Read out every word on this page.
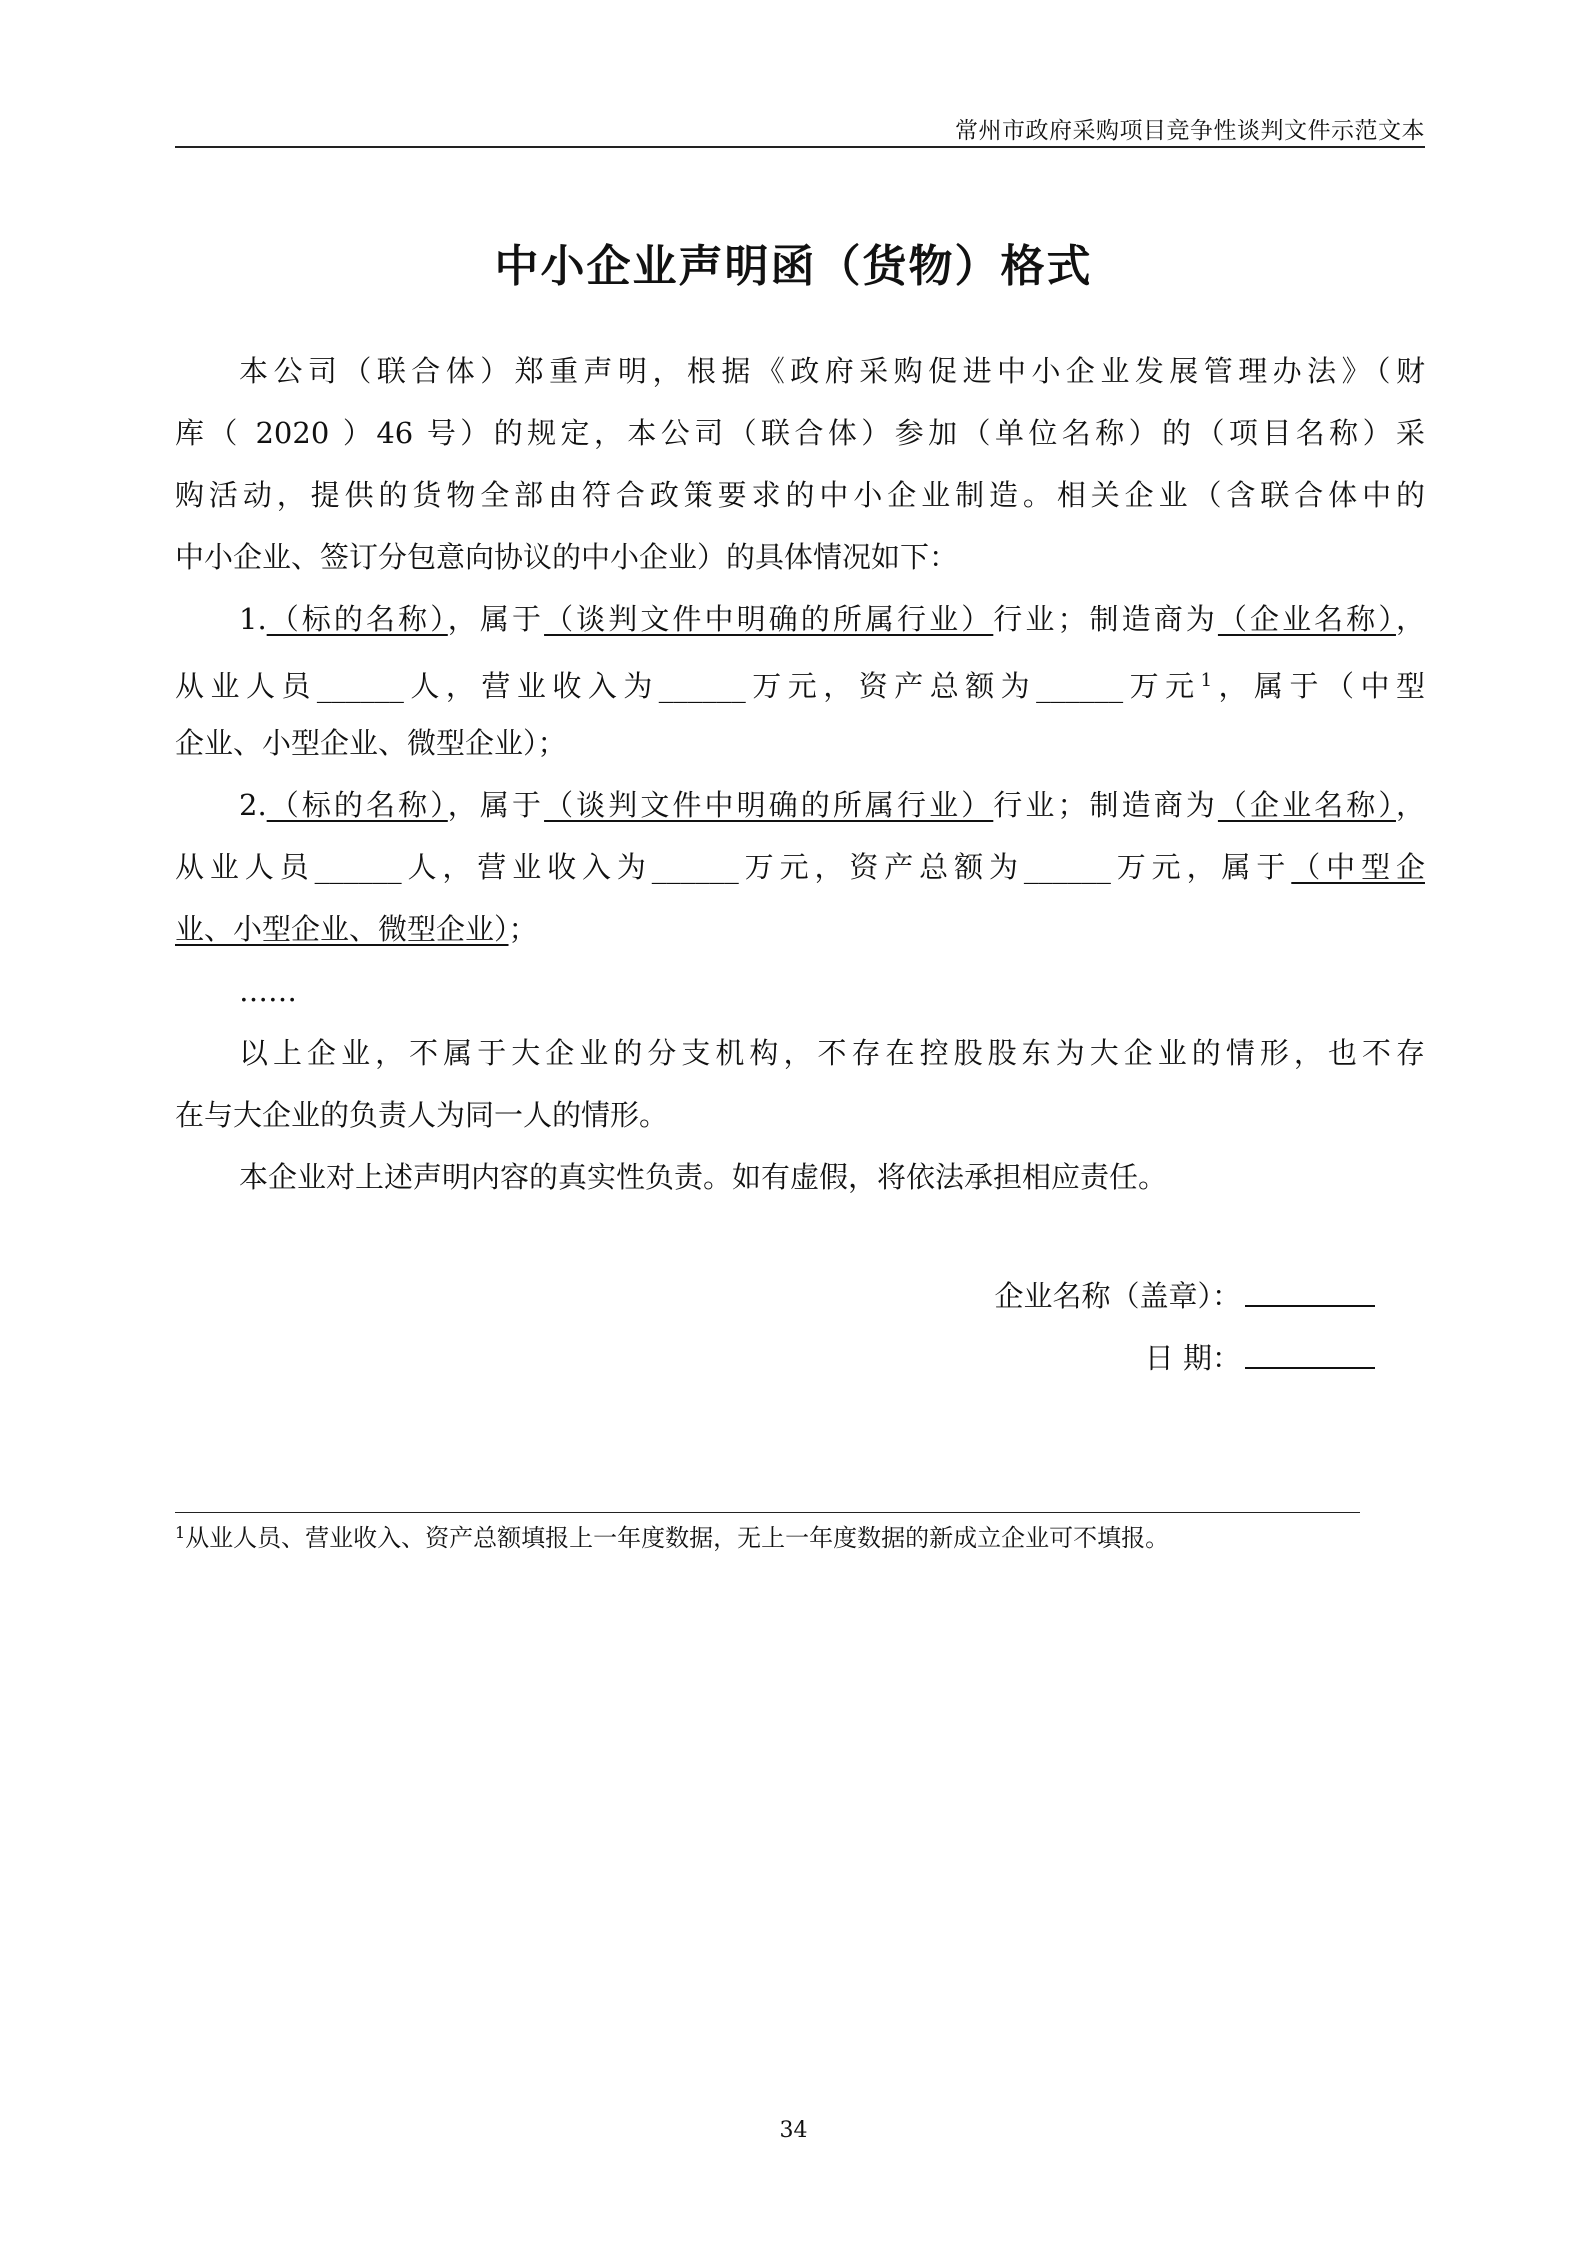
常州市政府采购项目竞争性谈判文件示范文本
中小企业声明函（货物）格式
本公司（联合体）郑重声明，根据《政府采购促进中小企业发展管理办法》（财
库（ 2020 ）46 号）的规定，本公司（联合体）参加（单位名称）的（项目名称）采
购活动，提供的货物全部由符合政策要求的中小企业制造。相关企业（含联合体中的
中小企业、签订分包意向协议的中小企业）的具体情况如下：
1.（标的名称），属于（谈判文件中明确的所属行业）行业；制造商为（企业名称），
从业人员______人，营业收入为______万元，资产总额为______万元$^1$，属于（中型
企业、小型企业、微型企业）；
2.（标的名称），属于（谈判文件中明确的所属行业）行业；制造商为（企业名称），
从业人员______人，营业收入为______万元，资产总额为______万元，属于（中型企
业、小型企业、微型企业）；
……
以上企业，不属于大企业的分支机构，不存在控股股东为大企业的情形，也不存
在与大企业的负责人为同一人的情形。
本企业对上述声明内容的真实性负责。如有虚假，将依法承担相应责任。
企业名称（盖章）：
日 期：
$^1$从业人员、营业收入、资产总额填报上一年度数据，无上一年度数据的新成立企业可不填报。
34
